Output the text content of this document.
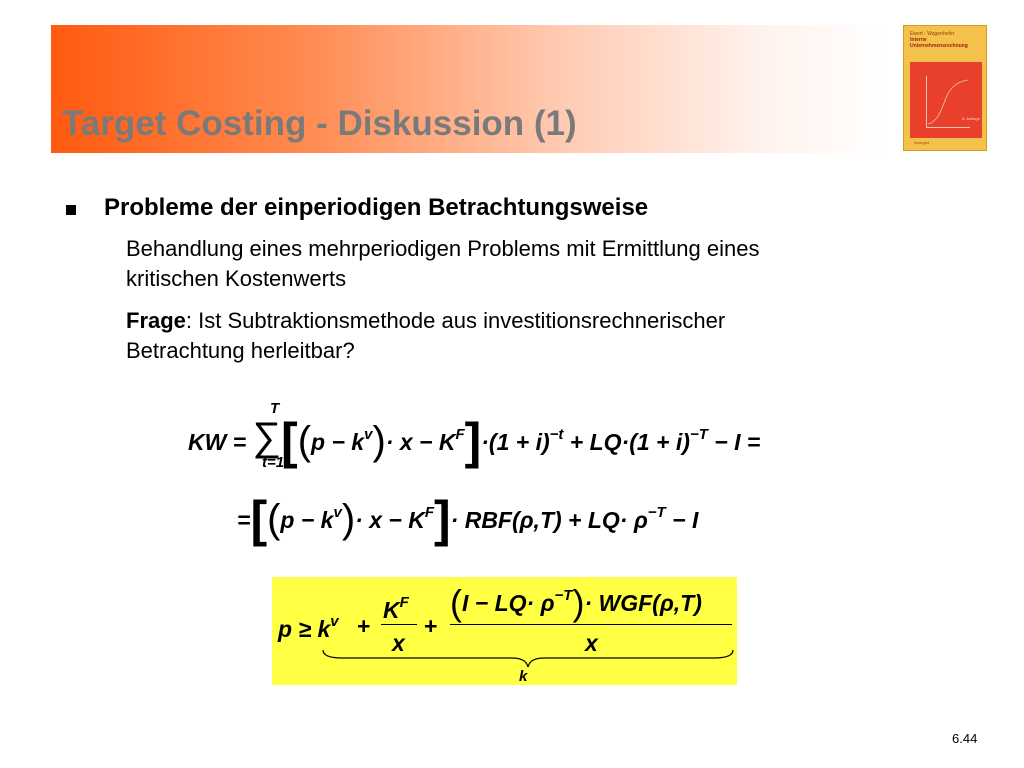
Target Costing - Diskussion (1)
Ewert · Wagenhofer
Interne
Unternehmensrechnung
5. Auflage
Springer
Probleme der einperiodigen Betrachtungsweise
Behandlung eines mehrperiodigen Problems mit Ermittlung eines
kritischen Kostenwerts
Frage: Ist Subtraktionsmethode aus investitionsrechnerischer
Betrachtung herleitbar?
T
t=1
KW = $\sum[(p - k^v)\cdot x - K^F]\cdot(1 + i)^{-t} + LQ\cdot(1 + i)^{-T} - I$ =
$=[(p - k^v)\cdot x - K^F]\cdot RBF(\rho,T) + LQ\cdot \rho^{-T} - I$
$p \ge k^v$ +
$K^F$
x
+
$(I - LQ\cdot \rho^{-T})\cdot WGF(\rho,T)$
x
k
6.44
